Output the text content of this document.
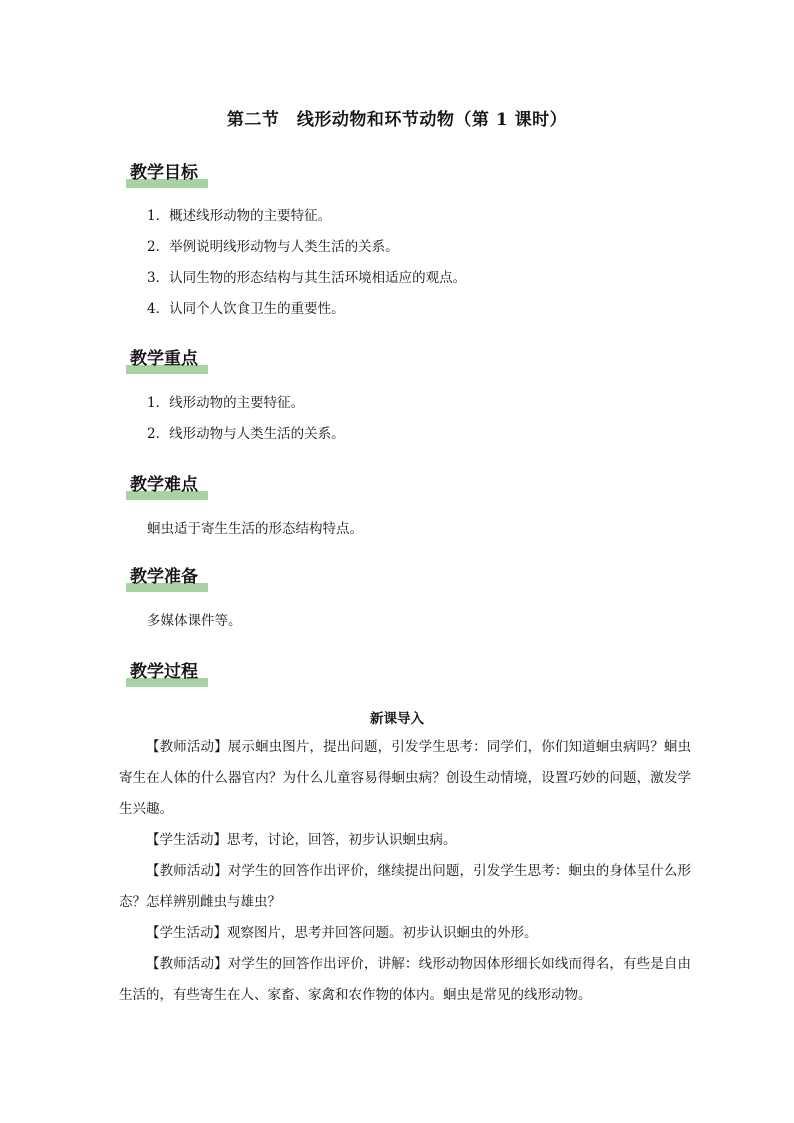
第二节　线形动物和环节动物（第 1 课时）
教学目标
1．概述线形动物的主要特征。
2．举例说明线形动物与人类生活的关系。
3．认同生物的形态结构与其生活环境相适应的观点。
4．认同个人饮食卫生的重要性。
教学重点
1．线形动物的主要特征。
2．线形动物与人类生活的关系。
教学难点
蛔虫适于寄生生活的形态结构特点。
教学准备
多媒体课件等。
教学过程
新课导入
【教师活动】展示蛔虫图片，提出问题，引发学生思考：同学们，你们知道蛔虫病吗？蛔虫寄生在人体的什么器官内？为什么儿童容易得蛔虫病？创设生动情境，设置巧妙的问题，激发学生兴趣。
【学生活动】思考，讨论，回答，初步认识蛔虫病。
【教师活动】对学生的回答作出评价，继续提出问题，引发学生思考：蛔虫的身体呈什么形态？怎样辨别雌虫与雄虫？
【学生活动】观察图片，思考并回答问题。初步认识蛔虫的外形。
【教师活动】对学生的回答作出评价，讲解：线形动物因体形细长如线而得名，有些是自由生活的，有些寄生在人、家畜、家禽和农作物的体内。蛔虫是常见的线形动物。
